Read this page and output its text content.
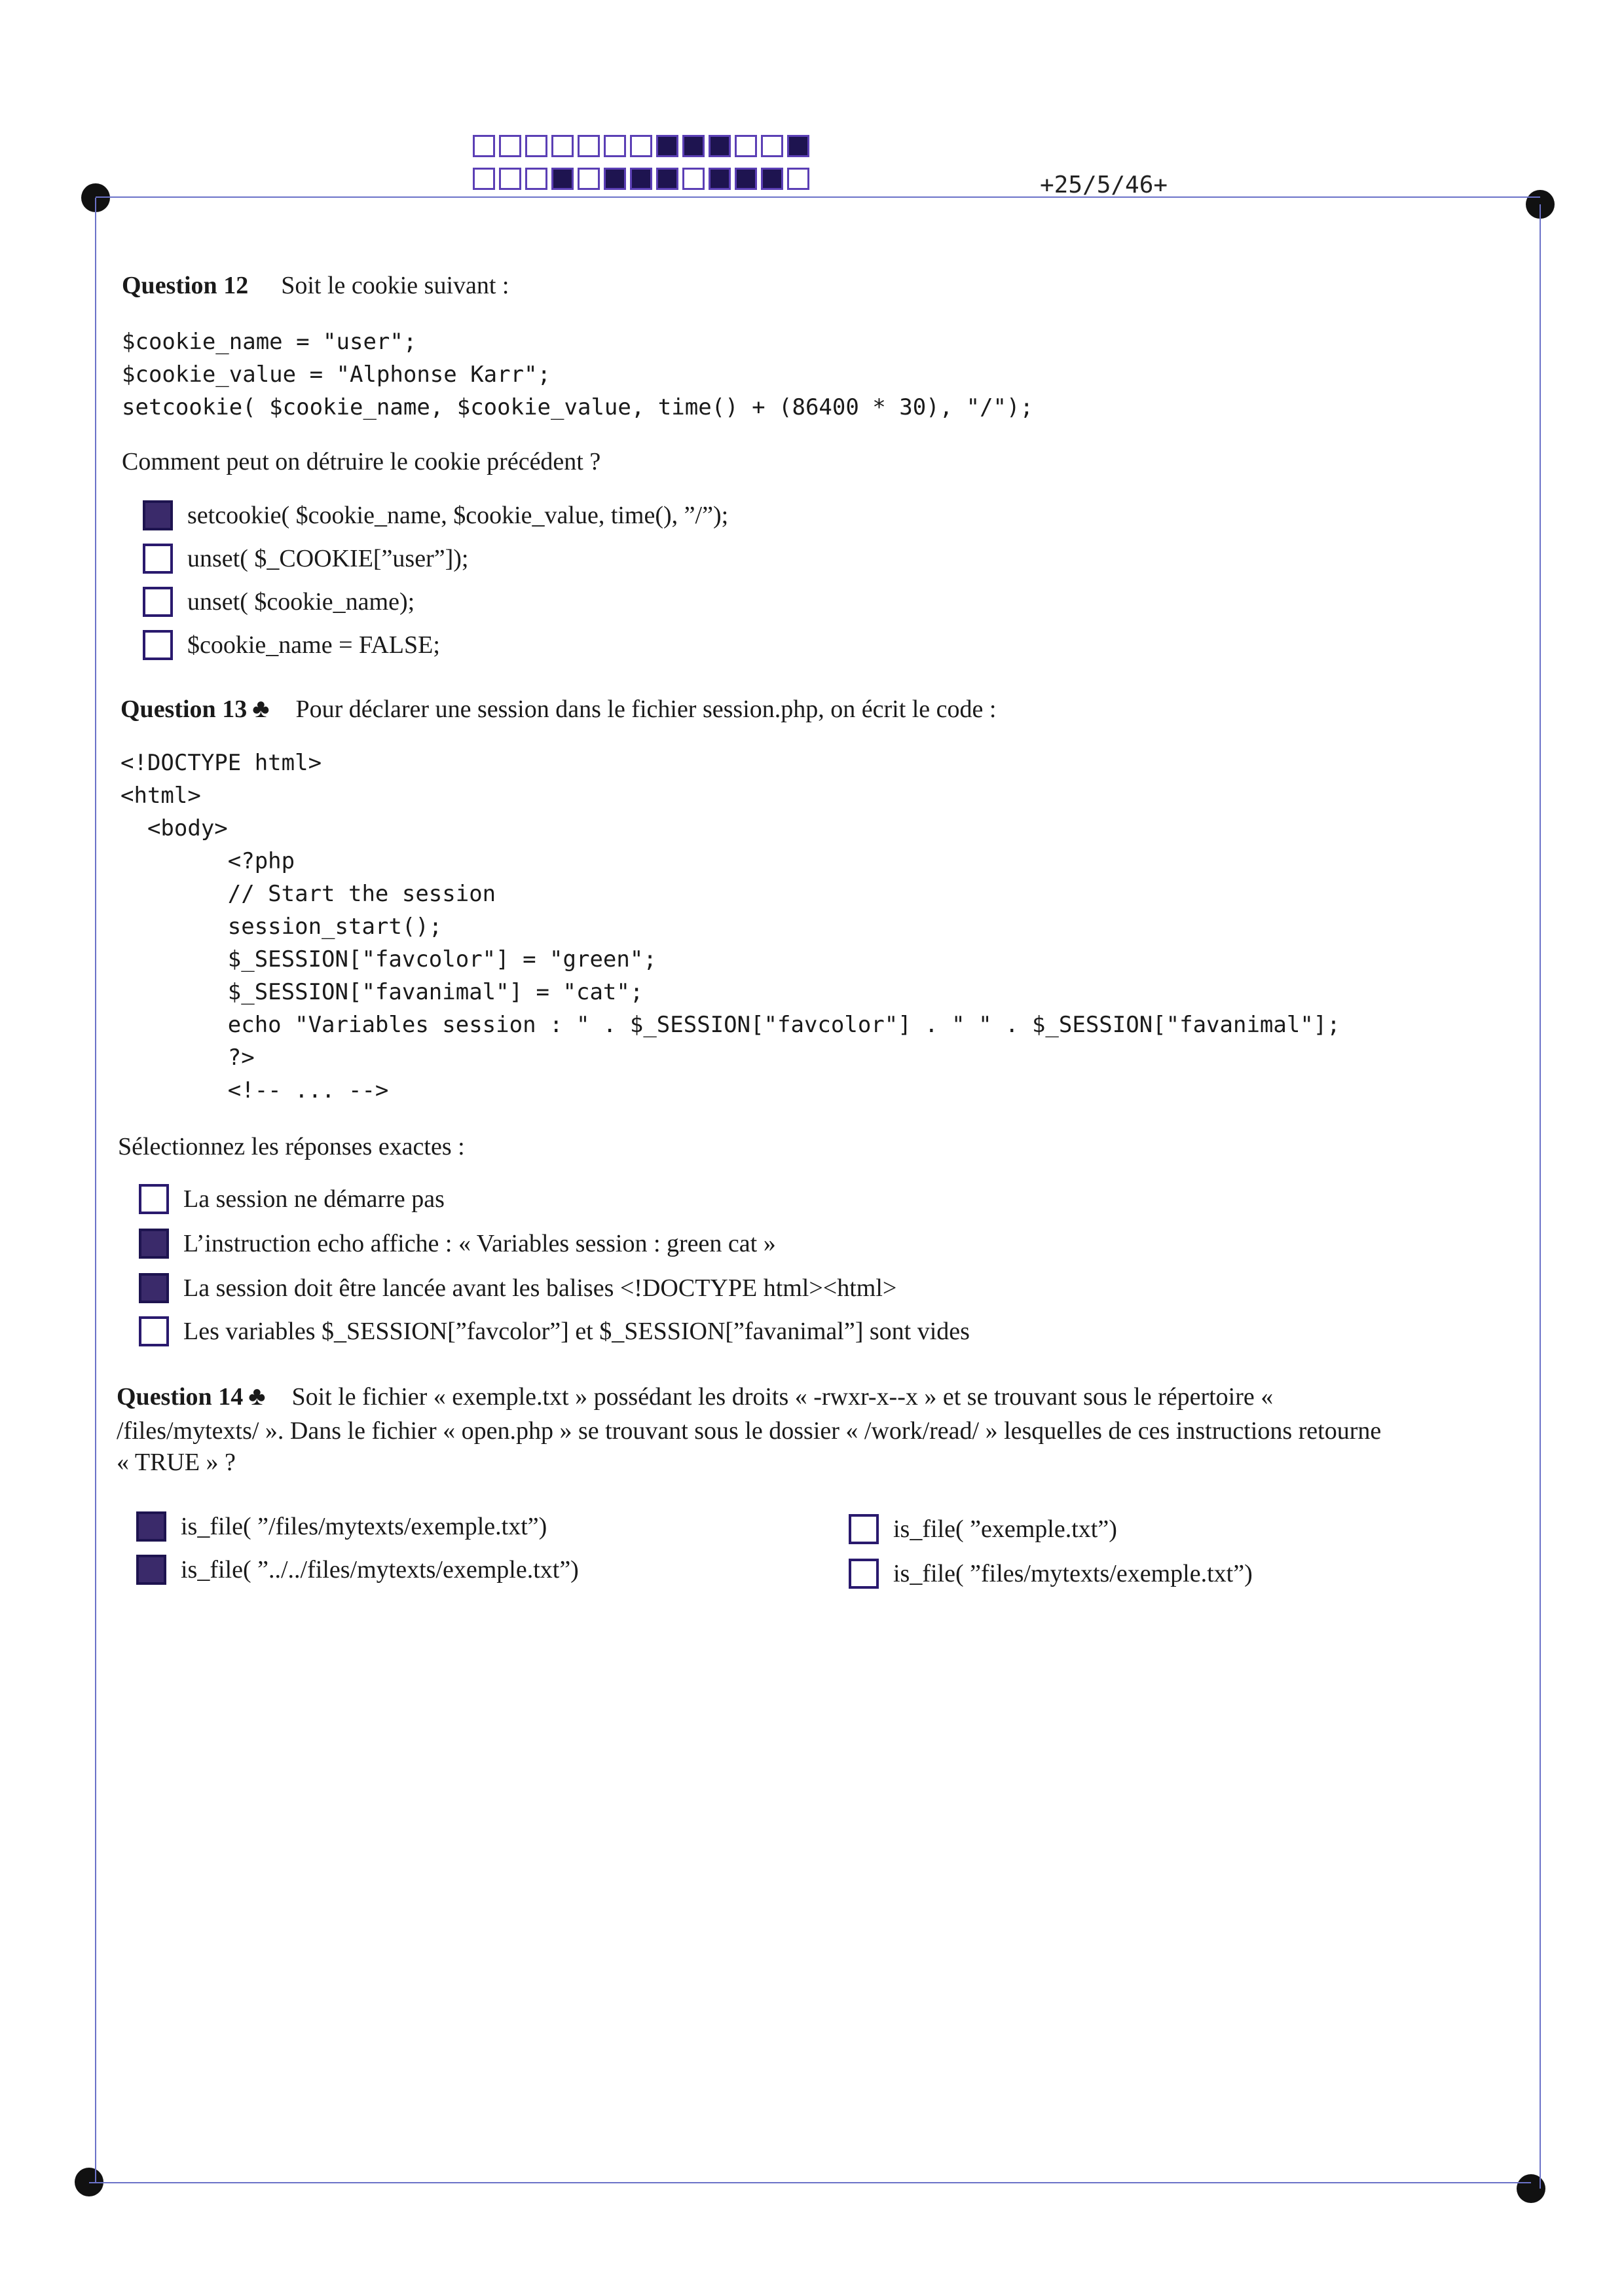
+25/5/46+
Question 12 Soit le cookie suivant :
$cookie_name = "user";
$cookie_value = "Alphonse Karr";
setcookie( $cookie_name, $cookie_value, time() + (86400 * 30), "/");
Comment peut on détruire le cookie précédent ?
setcookie( $cookie_name, $cookie_value, time(), ”/”);
unset( $_COOKIE[”user”]);
unset( $cookie_name);
$cookie_name = FALSE;
Question 13 ♣ Pour déclarer une session dans le fichier session.php, on écrit le code :
<!DOCTYPE html>
<html>
<body>
<?php
// Start the session
session_start();
$_SESSION["favcolor"] = "green";
$_SESSION["favanimal"] = "cat";
echo "Variables session : " . $_SESSION["favcolor"] . " " . $_SESSION["favanimal"];
?>
<!-- ... -->
Sélectionnez les réponses exactes :
La session ne démarre pas
L’instruction echo affiche : « Variables session : green cat »
La session doit être lancée avant les balises <!DOCTYPE html><html>
Les variables $_SESSION[”favcolor”] et $_SESSION[”favanimal”] sont vides
Question 14 ♣ Soit le fichier « exemple.txt » possédant les droits « -rwxr-x--x » et se trouvant sous le répertoire «
/files/mytexts/ ». Dans le fichier « open.php » se trouvant sous le dossier « /work/read/ » lesquelles de ces instructions retourne
« TRUE » ?
is_file( ”/files/mytexts/exemple.txt”)
is_file( ”../../files/mytexts/exemple.txt”)
is_file( ”exemple.txt”)
is_file( ”files/mytexts/exemple.txt”)
